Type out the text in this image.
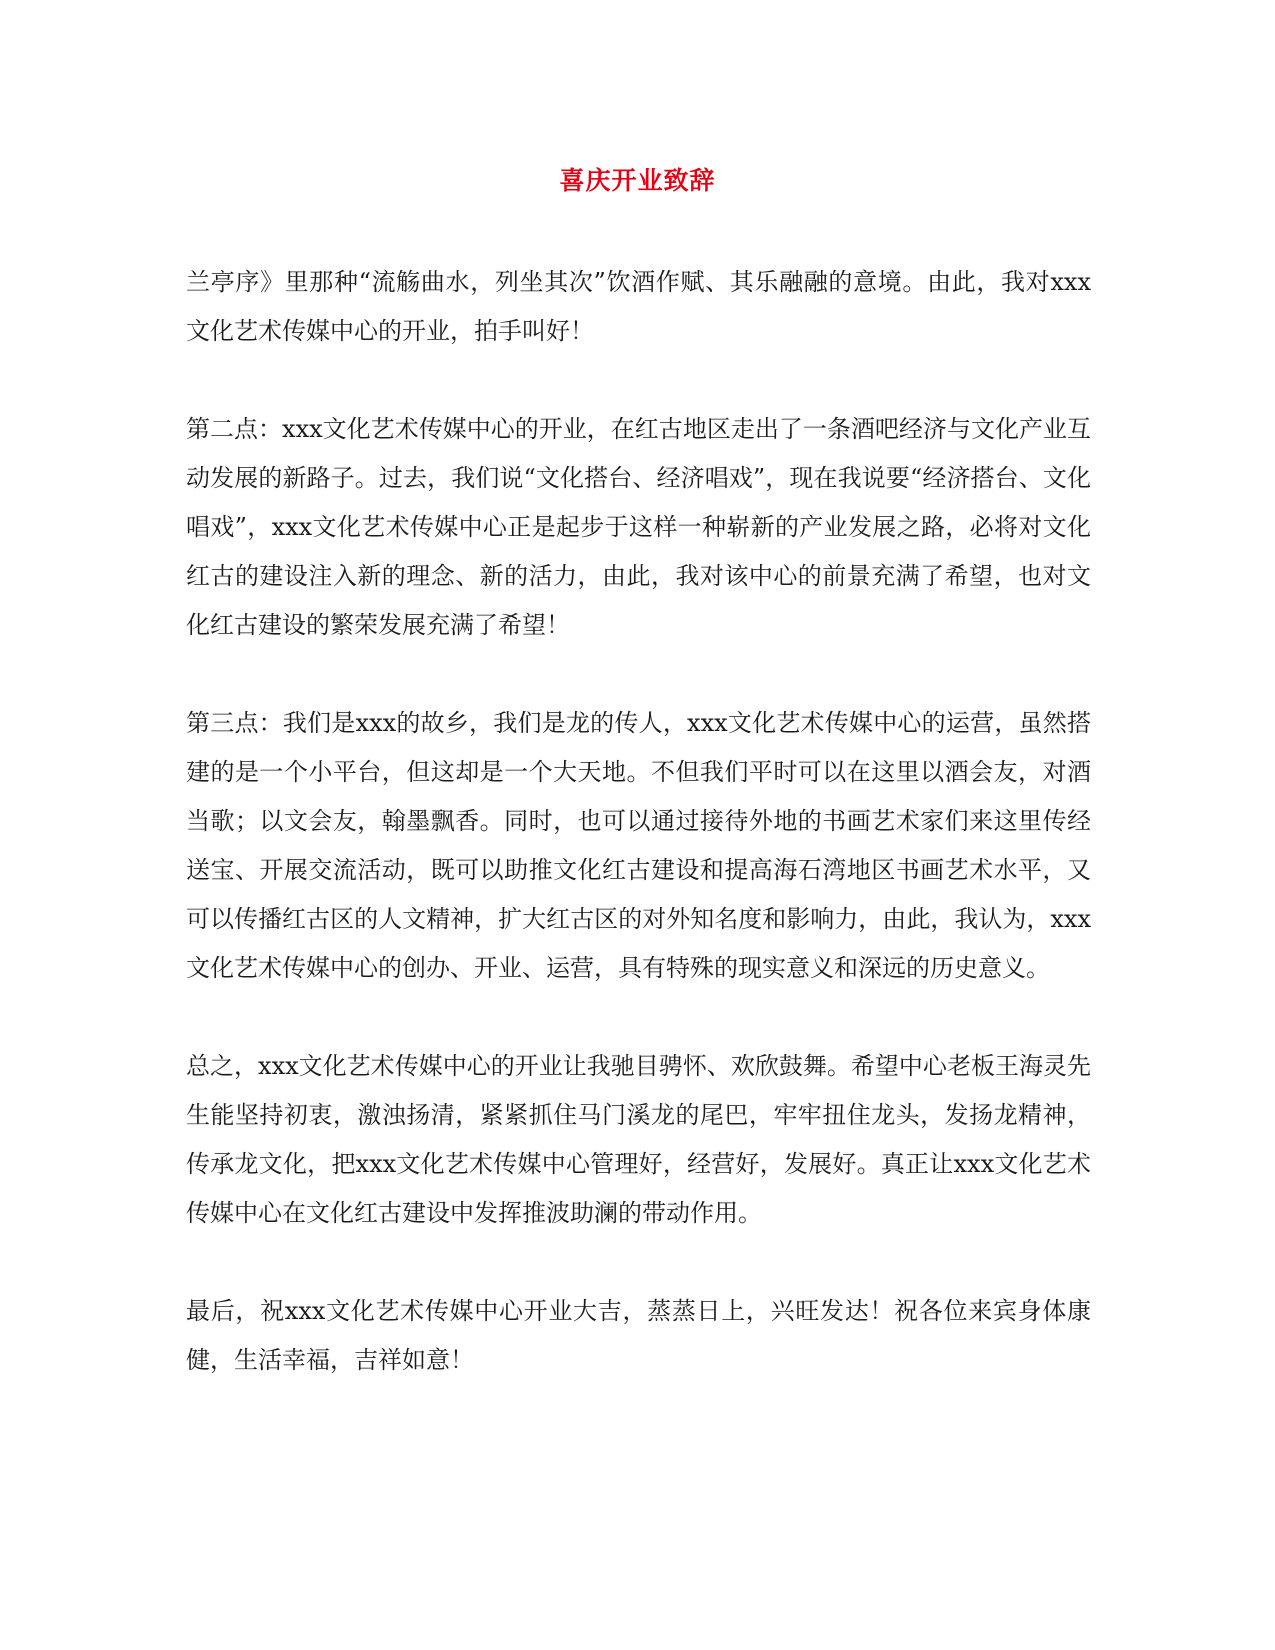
喜庆开业致辞

兰亭序》里那种“流觞曲水，列坐其次”饮酒作赋、其乐融融的意境。由此，我对xxx文化艺术传媒中心的开业，拍手叫好！

第二点：xxx文化艺术传媒中心的开业，在红古地区走出了一条酒吧经济与文化产业互动发展的新路子。过去，我们说“文化搭台、经济唱戏”，现在我说要“经济搭台、文化唱戏”，xxx文化艺术传媒中心正是起步于这样一种崭新的产业发展之路，必将对文化红古的建设注入新的理念、新的活力，由此，我对该中心的前景充满了希望，也对文化红古建设的繁荣发展充满了希望！

第三点：我们是xxx的故乡，我们是龙的传人，xxx文化艺术传媒中心的运营，虽然搭建的是一个小平台，但这却是一个大天地。不但我们平时可以在这里以酒会友，对酒当歌；以文会友，翰墨飘香。同时，也可以通过接待外地的书画艺术家们来这里传经送宝、开展交流活动，既可以助推文化红古建设和提高海石湾地区书画艺术水平，又可以传播红古区的人文精神，扩大红古区的对外知名度和影响力，由此，我认为，xxx文化艺术传媒中心的创办、开业、运营，具有特殊的现实意义和深远的历史意义。

总之，xxx文化艺术传媒中心的开业让我驰目骋怀、欢欣鼓舞。希望中心老板王海灵先生能坚持初衷，激浊扬清，紧紧抓住马门溪龙的尾巴，牢牢扭住龙头，发扬龙精神，传承龙文化，把xxx文化艺术传媒中心管理好，经营好，发展好。真正让xxx文化艺术传媒中心在文化红古建设中发挥推波助澜的带动作用。

最后，祝xxx文化艺术传媒中心开业大吉，蒸蒸日上，兴旺发达！祝各位来宾身体康健，生活幸福，吉祥如意！
